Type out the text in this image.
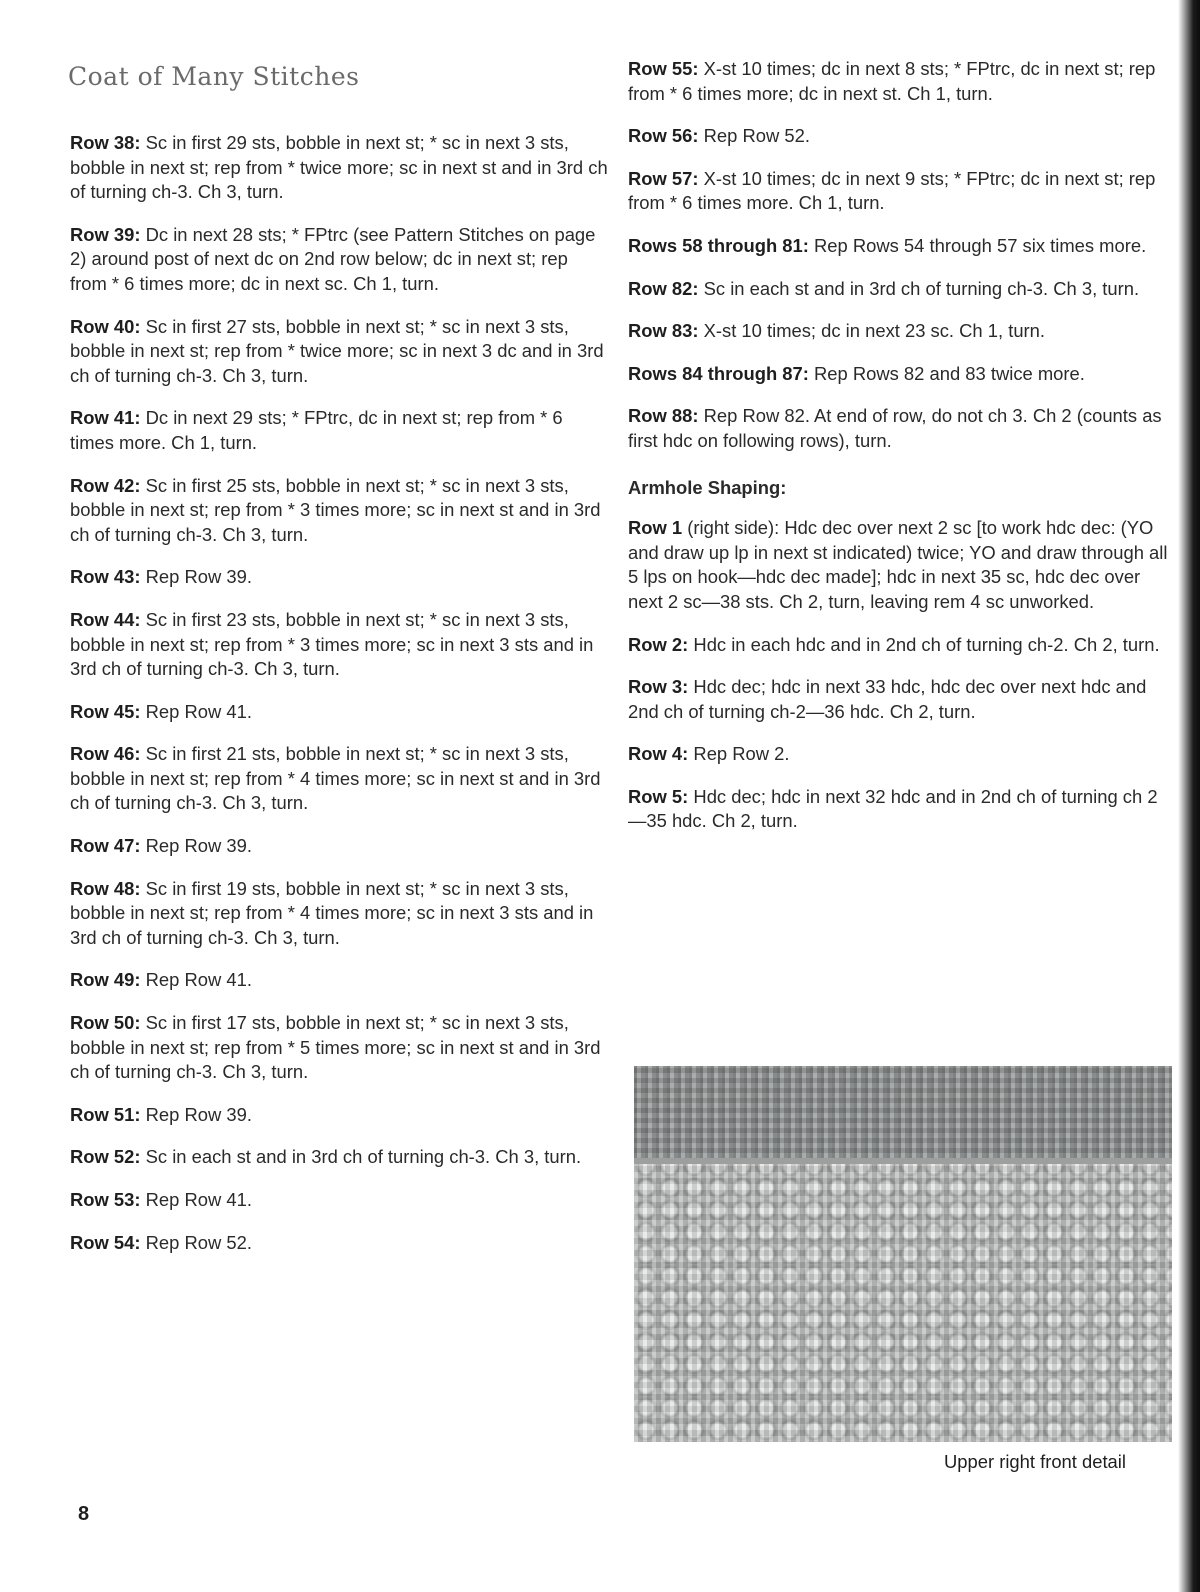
Coat of Many Stitches

Row 38: Sc in first 29 sts, bobble in next st; * sc in next 3 sts, bobble in next st; rep from * twice more; sc in next st and in 3rd ch of turning ch-3. Ch 3, turn.

Row 39: Dc in next 28 sts; * FPtrc (see Pattern Stitches on page 2) around post of next dc on 2nd row below; dc in next st; rep from * 6 times more; dc in next sc. Ch 1, turn.

Row 40: Sc in first 27 sts, bobble in next st; * sc in next 3 sts, bobble in next st; rep from * twice more; sc in next 3 dc and in 3rd ch of turning ch-3. Ch 3, turn.

Row 41: Dc in next 29 sts; * FPtrc, dc in next st; rep from * 6 times more. Ch 1, turn.

Row 42: Sc in first 25 sts, bobble in next st; * sc in next 3 sts, bobble in next st; rep from * 3 times more; sc in next st and in 3rd ch of turning ch-3. Ch 3, turn.

Row 43: Rep Row 39.

Row 44: Sc in first 23 sts, bobble in next st; * sc in next 3 sts, bobble in next st; rep from * 3 times more; sc in next 3 sts and in 3rd ch of turning ch-3. Ch 3, turn.

Row 45: Rep Row 41.

Row 46: Sc in first 21 sts, bobble in next st; * sc in next 3 sts, bobble in next st; rep from * 4 times more; sc in next st and in 3rd ch of turning ch-3. Ch 3, turn.

Row 47: Rep Row 39.

Row 48: Sc in first 19 sts, bobble in next st; * sc in next 3 sts, bobble in next st; rep from * 4 times more; sc in next 3 sts and in 3rd ch of turning ch-3. Ch 3, turn.

Row 49: Rep Row 41.

Row 50: Sc in first 17 sts, bobble in next st; * sc in next 3 sts, bobble in next st; rep from * 5 times more; sc in next st and in 3rd ch of turning ch-3. Ch 3, turn.

Row 51: Rep Row 39.

Row 52: Sc in each st and in 3rd ch of turning ch-3. Ch 3, turn.

Row 53: Rep Row 41.

Row 54: Rep Row 52.

Row 55: X-st 10 times; dc in next 8 sts; * FPtrc, dc in next st; rep from * 6 times more; dc in next st. Ch 1, turn.

Row 56: Rep Row 52.

Row 57: X-st 10 times; dc in next 9 sts; * FPtrc; dc in next st; rep from * 6 times more. Ch 1, turn.

Rows 58 through 81: Rep Rows 54 through 57 six times more.

Row 82: Sc in each st and in 3rd ch of turning ch-3. Ch 3, turn.

Row 83: X-st 10 times; dc in next 23 sc. Ch 1, turn.

Rows 84 through 87: Rep Rows 82 and 83 twice more.

Row 88: Rep Row 82. At end of row, do not ch 3. Ch 2 (counts as first hdc on following rows), turn.

Armhole Shaping:

Row 1 (right side): Hdc dec over next 2 sc [to work hdc dec: (YO and draw up lp in next st indicated) twice; YO and draw through all 5 lps on hook—hdc dec made]; hdc in next 35 sc, hdc dec over next 2 sc—38 sts. Ch 2, turn, leaving rem 4 sc unworked.

Row 2: Hdc in each hdc and in 2nd ch of turning ch-2. Ch 2, turn.

Row 3: Hdc dec; hdc in next 33 hdc, hdc dec over next hdc and 2nd ch of turning ch-2—36 hdc. Ch 2, turn.

Row 4: Rep Row 2.

Row 5: Hdc dec; hdc in next 32 hdc and in 2nd ch of turning ch 2—35 hdc. Ch 2, turn.

Upper right front detail
8
